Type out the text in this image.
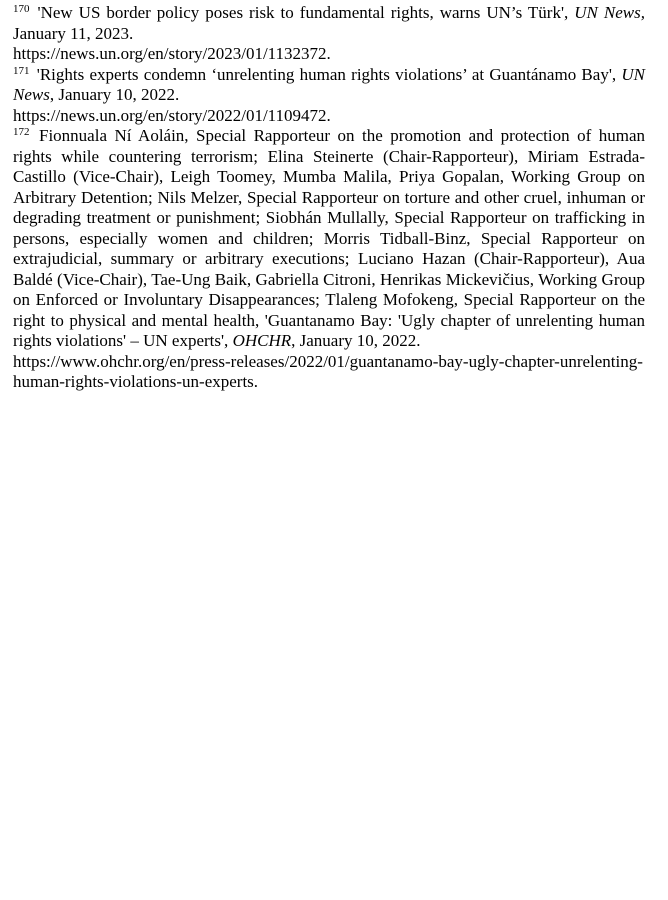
$^{170}$ 'New US border policy poses risk to fundamental rights, warns UN’s Türk', UN News, January 11, 2023.
https://news.un.org/en/story/2023/01/1132372.

$^{171}$ 'Rights experts condemn ‘unrelenting human rights violations’ at Guantánamo Bay', UN News, January 10, 2022.
https://news.un.org/en/story/2022/01/1109472.

$^{172}$ Fionnuala Ní Aoláin, Special Rapporteur on the promotion and protection of human rights while countering terrorism; Elina Steinerte (Chair-Rapporteur), Miriam Estrada-Castillo (Vice-Chair), Leigh Toomey, Mumba Malila, Priya Gopalan, Working Group on Arbitrary Detention; Nils Melzer, Special Rapporteur on torture and other cruel, inhuman or degrading treatment or punishment; Siobhán Mullally, Special Rapporteur on trafficking in persons, especially women and children; Morris Tidball-Binz, Special Rapporteur on extrajudicial, summary or arbitrary executions; Luciano Hazan (Chair-Rapporteur), Aua Baldé (Vice-Chair), Tae-Ung Baik, Gabriella Citroni, Henrikas Mickevičius, Working Group on Enforced or Involuntary Disappearances; Tlaleng Mofokeng, Special Rapporteur on the right to physical and mental health, 'Guantanamo Bay: 'Ugly chapter of unrelenting human rights violations' – UN experts', OHCHR, January 10, 2022.
https://www.ohchr.org/en/press-releases/2022/01/guantanamo-bay-ugly-chapter-unrelenting-human-rights-violations-un-experts.
